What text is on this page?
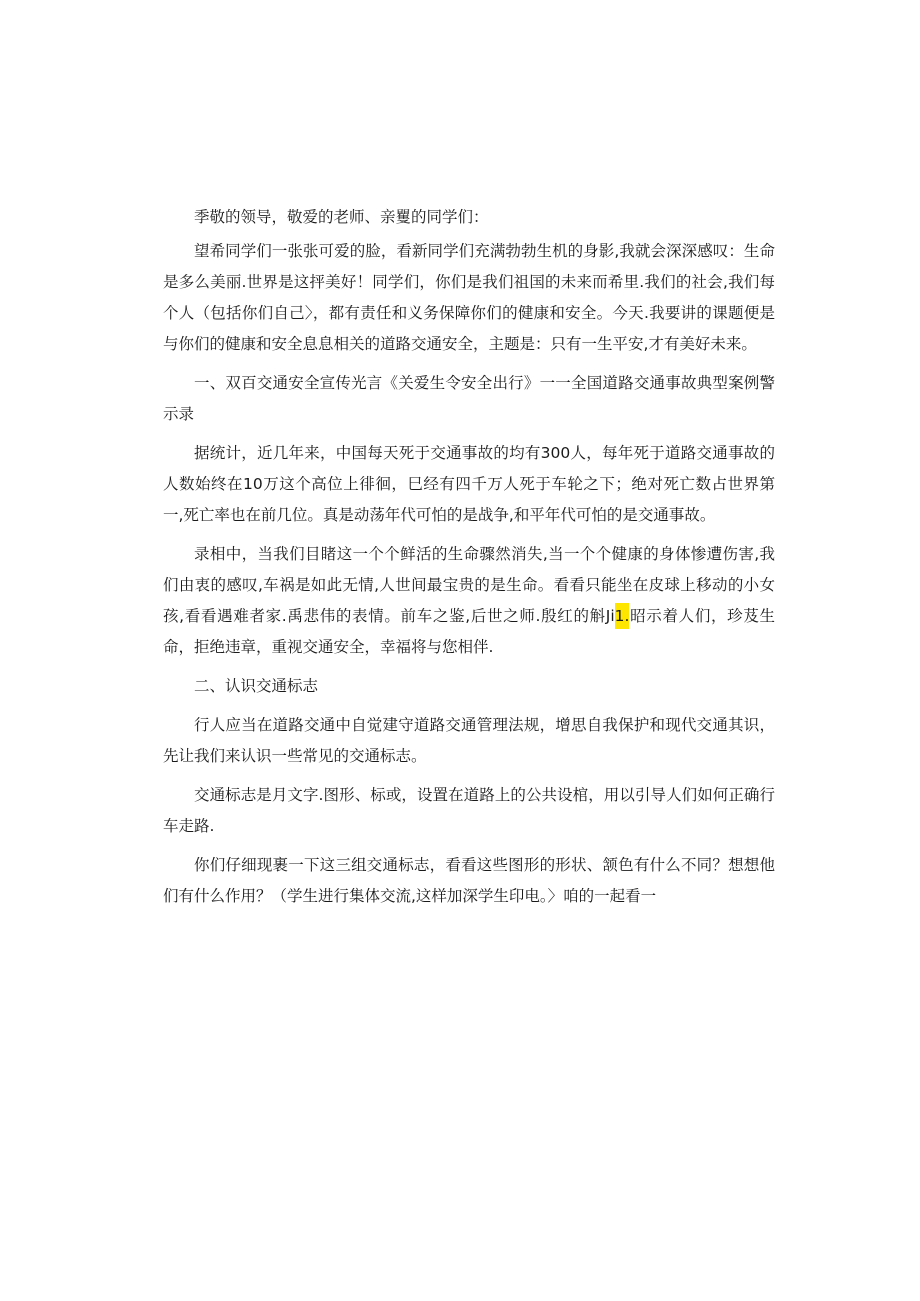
季敬的领导，敬爱的老师、亲矍的同学们：

望希同学们一张张可爱的脸，看新同学们充满勃勃生机的身影,我就会深深感叹：生命是多么美丽.世界是这抨美好！同学们，你们是我们祖国的未来而希里.我们的社会,我们每个人（包括你们自己〉，都有责任和义务保障你们的健康和安全。今天.我要讲的课题便是与你们的健康和安全息息相关的道路交通安全，主题是：只有一生平安,才有美好未来。

一、双百交通安全宣传光言《关爱生令安全出行》一一全国道路交通事故典型案例警示录

据统计，近几年来，中国每天死于交通事故的均有300人，每年死于道路交通事故的人数始终在10万这个高位上徘徊，巳经有四千万人死于车轮之下；绝对死亡数占世界第一,死亡率也在前几位。真是动荡年代可怕的是战争,和平年代可怕的是交通事故。

录相中，当我们目睹这一个个鲜活的生命骤然消失,当一个个健康的身体惨遭伤害,我们由衷的感叹,车祸是如此无情,人世间最宝贵的是生命。看看只能坐在皮球上移动的小女孩,看看遇难者家.禹悲伟的表情。前车之鉴,后世之师.殷红的斛Ji1.昭示着人们，珍芨生命，拒绝违章，重视交通安全，幸福将与您相伴.

二、认识交通标志

行人应当在道路交通中自觉建守道路交通管理法规，增思自我保护和现代交通其识，先让我们来认识一些常见的交通标志。

交通标志是月文字.图形、标或，设置在道路上的公共设棺，用以引导人们如何正确行车走路.

你们仔细现裹一下这三组交通标志，看看这些图形的形状、颔色有什么不同？想想他们有什么作用？（学生进行集体交流,这样加深学生印电。〉咱的一起看一
